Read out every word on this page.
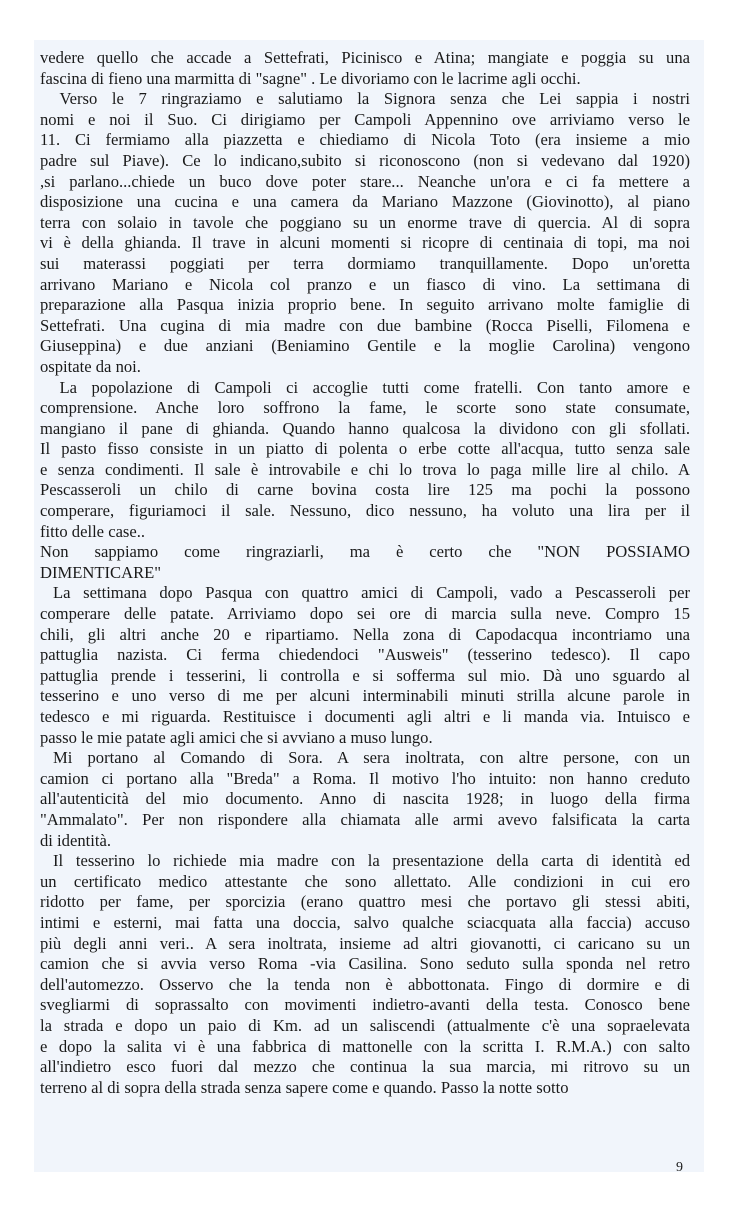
vedere quello che accade a Settefrati, Picinisco e Atina; mangiate e poggia su una
fascina di fieno una marmitta di "sagne" . Le divoriamo con le lacrime agli occhi.
Verso le 7 ringraziamo e salutiamo la Signora senza che Lei sappia i nostri
nomi e noi il Suo. Ci dirigiamo per Campoli Appennino ove arriviamo verso le
11. Ci fermiamo alla piazzetta e chiediamo di Nicola Toto (era insieme a mio
padre sul Piave). Ce lo indicano,subito si riconoscono (non si vedevano dal 1920)
,si parlano...chiede un buco dove poter stare... Neanche un'ora e ci fa mettere a
disposizione una cucina e una camera da Mariano Mazzone (Giovinotto), al piano
terra con solaio in tavole che poggiano su un enorme trave di quercia. Al di sopra
vi è della ghianda. Il trave in alcuni momenti si ricopre di centinaia di topi, ma noi
sui materassi poggiati per terra dormiamo tranquillamente. Dopo un'oretta
arrivano Mariano e Nicola col pranzo e un fiasco di vino. La settimana di
preparazione alla Pasqua inizia proprio bene. In seguito arrivano molte famiglie di
Settefrati. Una cugina di mia madre con due bambine (Rocca Piselli, Filomena e
Giuseppina) e due anziani (Beniamino Gentile e la moglie Carolina) vengono
ospitate da noi.
La popolazione di Campoli ci accoglie tutti come fratelli. Con tanto amore e
comprensione. Anche loro soffrono la fame, le scorte sono state consumate,
mangiano il pane di ghianda. Quando hanno qualcosa la dividono con gli sfollati.
Il pasto fisso consiste in un piatto di polenta o erbe cotte all'acqua, tutto senza sale
e senza condimenti. Il sale è introvabile e chi lo trova lo paga mille lire al chilo. A
Pescasseroli un chilo di carne bovina costa lire 125 ma pochi la possono
comperare, figuriamoci il sale. Nessuno, dico nessuno, ha voluto una lira per il
fitto delle case..
Non sappiamo come ringraziarli, ma è certo che "NON POSSIAMO
DIMENTICARE"
La settimana dopo Pasqua con quattro amici di Campoli, vado a Pescasseroli per
comperare delle patate. Arriviamo dopo sei ore di marcia sulla neve. Compro 15
chili, gli altri anche 20 e ripartiamo. Nella zona di Capodacqua incontriamo una
pattuglia nazista. Ci ferma chiedendoci "Ausweis" (tesserino tedesco). Il capo
pattuglia prende i tesserini, li controlla e si sofferma sul mio. Dà uno sguardo al
tesserino e uno verso di me per alcuni interminabili minuti strilla alcune parole in
tedesco e mi riguarda. Restituisce i documenti agli altri e li manda via. Intuisco e
passo le mie patate agli amici che si avviano a muso lungo.
Mi portano al Comando di Sora. A sera inoltrata, con altre persone, con un
camion ci portano alla "Breda" a Roma. Il motivo l'ho intuito: non hanno creduto
all'autenticità del mio documento. Anno di nascita 1928; in luogo della firma
"Ammalato". Per non rispondere alla chiamata alle armi avevo falsificata la carta
di identità.
Il tesserino lo richiede mia madre con la presentazione della carta di identità ed
un certificato medico attestante che sono allettato. Alle condizioni in cui ero
ridotto per fame, per sporcizia (erano quattro mesi che portavo gli stessi abiti,
intimi e esterni, mai fatta una doccia, salvo qualche sciacquata alla faccia) accuso
più degli anni veri.. A sera inoltrata, insieme ad altri giovanotti, ci caricano su un
camion che si avvia verso Roma -via Casilina. Sono seduto sulla sponda nel retro
dell'automezzo. Osservo che la tenda non è abbottonata. Fingo di dormire e di
svegliarmi di soprassalto con movimenti indietro-avanti della testa. Conosco bene
la strada e dopo un paio di Km. ad un saliscendi (attualmente c'è una sopraelevata
e dopo la salita vi è una fabbrica di mattonelle con la scritta I. R.M.A.) con salto
all'indietro esco fuori dal mezzo che continua la sua marcia, mi ritrovo su un
terreno al di sopra della strada senza sapere come e quando. Passo la notte sotto
9
